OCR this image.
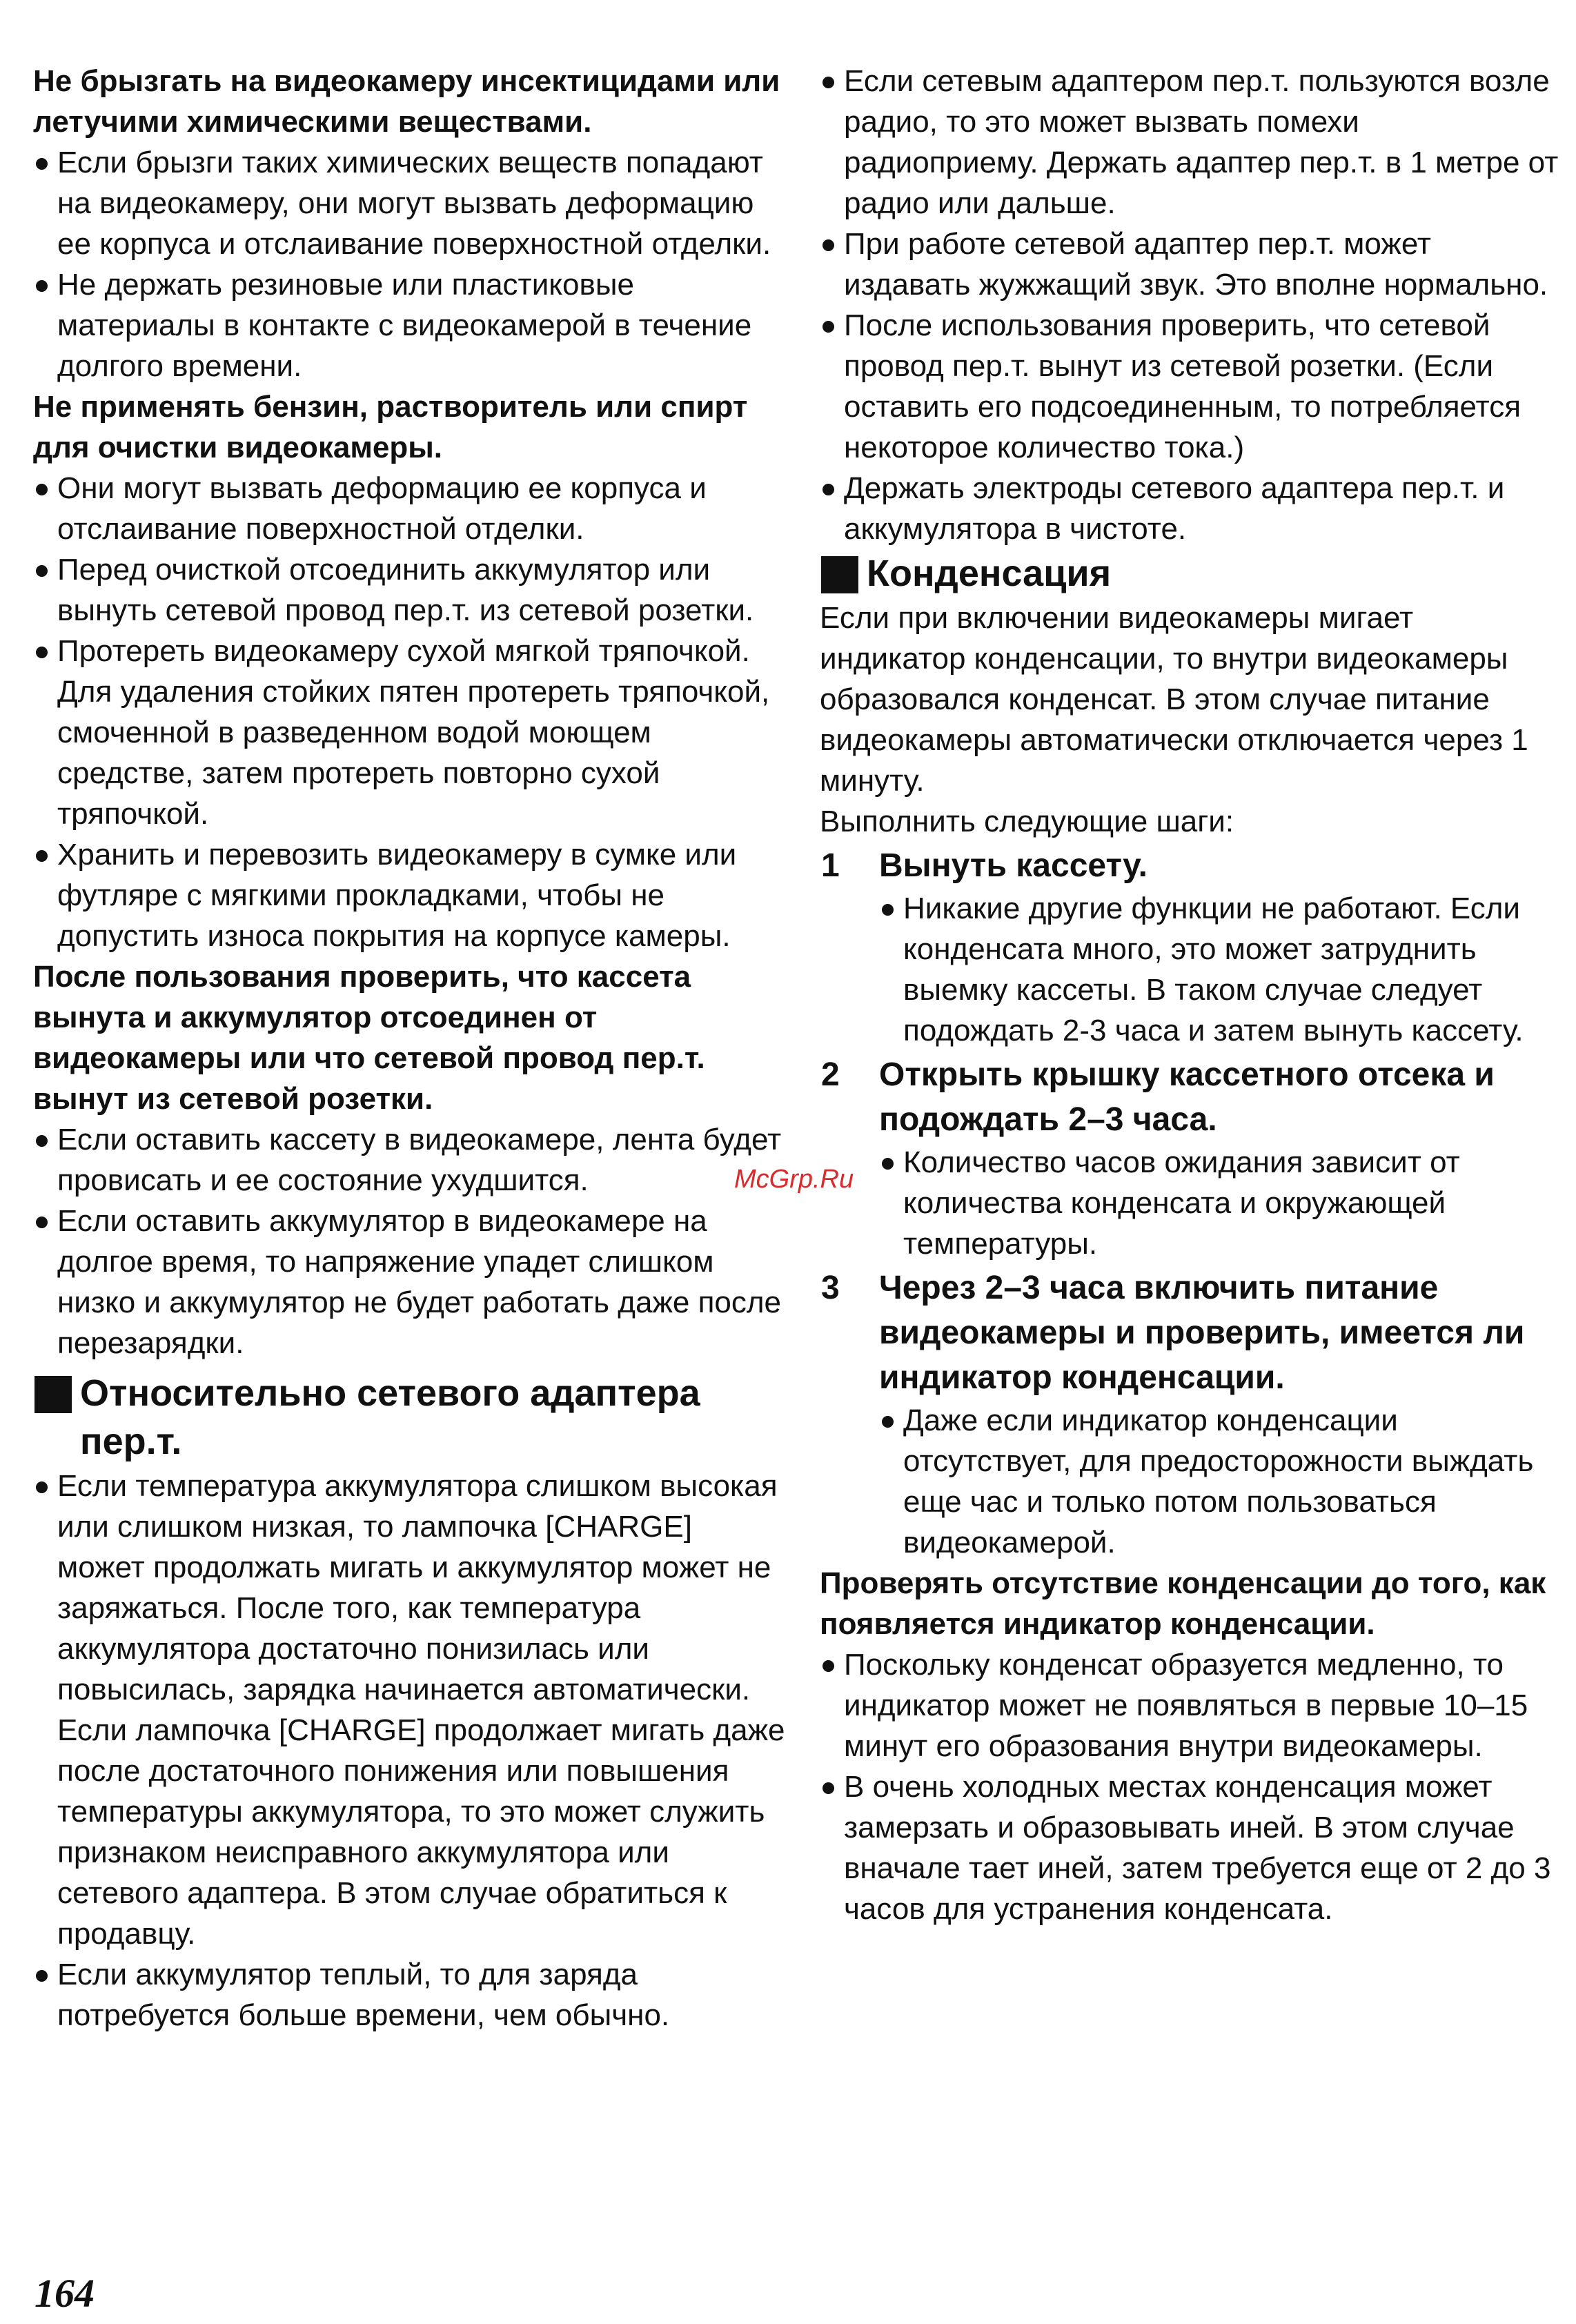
Не брызгать на видеокамеру инсектицидами или летучими химическими веществами.

Если брызги таких химических веществ попадают на видеокамеру, они могут вызвать деформацию ее корпуса и отслаивание поверхностной отделки.

Не держать резиновые или пластиковые материалы в контакте с видеокамерой в течение долгого времени.

Не применять бензин, растворитель или спирт для очистки видеокамеры.

Они могут вызвать деформацию ее корпуса и отслаивание поверхностной отделки.

Перед очисткой отсоединить аккумулятор или вынуть сетевой провод пер.т. из сетевой розетки.

Протереть видеокамеру сухой мягкой тряпочкой. Для удаления стойких пятен протереть тряпочкой, смоченной в разведенном водой моющем средстве, затем протереть повторно сухой тряпочкой.

Хранить и перевозить видеокамеру в сумке или футляре с мягкими прокладками, чтобы не допустить износа покрытия на корпусе камеры.

После пользования проверить, что кассета вынута и аккумулятор отсоединен от видеокамеры или что сетевой провод пер.т. вынут из сетевой розетки.

Если оставить кассету в видеокамере, лента будет провисать и ее состояние ухудшится.

Если оставить аккумулятор в видеокамере на долгое время, то напряжение упадет слишком низко и аккумулятор не будет работать даже после перезарядки.

Относительно сетевого адаптера пер.т.

Если температура аккумулятора слишком высокая или слишком низкая, то лампочка [CHARGE] может продолжать мигать и аккумулятор может не заряжаться. После того, как температура аккумулятора достаточно понизилась или повысилась, зарядка начинается автоматически. Если лампочка [CHARGE] продолжает мигать даже после достаточного понижения или повышения температуры аккумулятора, то это может служить признаком неисправного аккумулятора или сетевого адаптера. В этом случае обратиться к продавцу.

Если аккумулятор теплый, то для заряда потребуется больше времени, чем обычно.

Если сетевым адаптером пер.т. пользуются возле радио, то это может вызвать помехи радиоприему. Держать адаптер пер.т. в 1 метре от радио или дальше.

При работе сетевой адаптер пер.т. может издавать жужжащий звук. Это вполне нормально.

После использования проверить, что сетевой провод пер.т. вынут из сетевой розетки. (Если оставить его подсоединенным, то потребляется некоторое количество тока.)

Держать электроды сетевого адаптера пер.т. и аккумулятора в чистоте.

Конденсация

Если при включении видеокамеры мигает индикатор конденсации, то внутри видеокамеры образовался конденсат. В этом случае питание видеокамеры автоматически отключается через 1 минуту.

Выполнить следующие шаги:

1 Вынуть кассету.

Никакие другие функции не работают. Если конденсата много, это может затруднить выемку кассеты. В таком случае следует подождать 2-3 часа и затем вынуть кассету.

2 Открыть крышку кассетного отсека и подождать 2–3 часа.

Количество часов ожидания зависит от количества конденсата и окружающей температуры.

3 Через 2–3 часа включить питание видеокамеры и проверить, имеется ли индикатор конденсации.

Даже если индикатор конденсации отсутствует, для предосторожности выждать еще час и только потом пользоваться видеокамерой.

Проверять отсутствие конденсации до того, как появляется индикатор конденсации.

Поскольку конденсат образуется медленно, то индикатор может не появляться в первые 10–15 минут его образования внутри видеокамеры.

В очень холодных местах конденсация может замерзать и образовывать иней. В этом случае вначале тает иней, затем требуется еще от 2 до 3 часов для устранения конденсата.

McGrp.Ru
164
